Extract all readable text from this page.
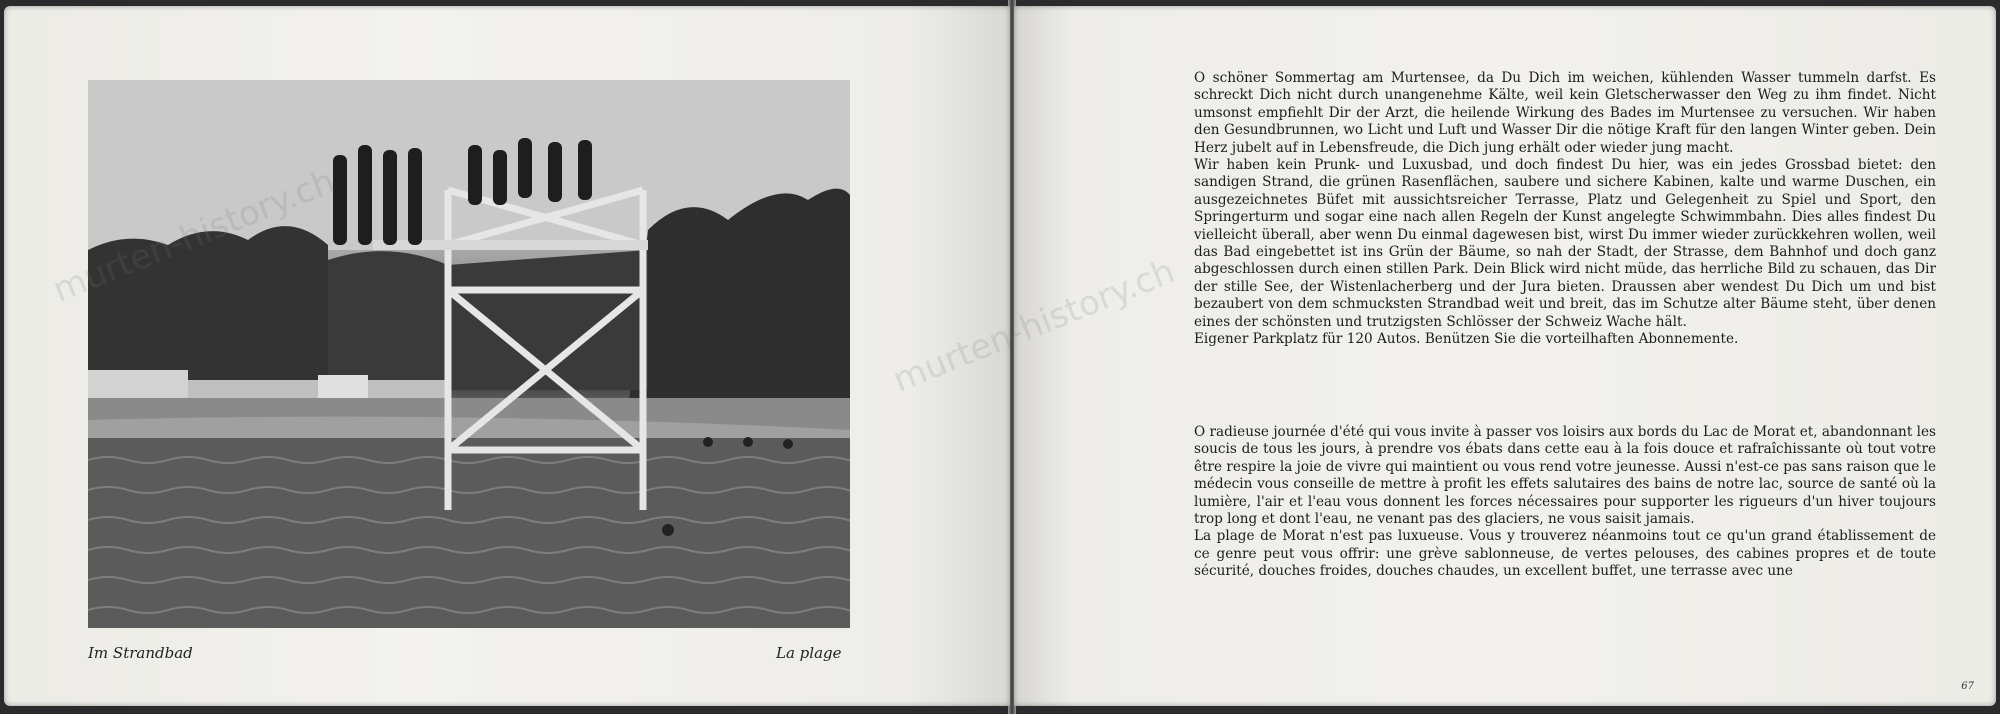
Im Strandbad	La plage
murten-history.ch
67

O schöner Sommertag am Murtensee, da Du Dich im weichen, kühlenden Wasser tummeln darfst. Es schreckt Dich nicht durch unangenehme Kälte, weil kein Gletscherwasser den Weg zu ihm findet. Nicht umsonst empfiehlt Dir der Arzt, die heilende Wirkung des Bades im Murtensee zu versuchen. Wir haben den Gesundbrunnen, wo Licht und Luft und Wasser Dir die nötige Kraft für den langen Winter geben. Dein Herz jubelt auf in Lebensfreude, die Dich jung erhält oder wieder jung macht.

Wir haben kein Prunk- und Luxusbad, und doch findest Du hier, was ein jedes Grossbad bietet: den sandigen Strand, die grünen Rasenflächen, saubere und sichere Kabinen, kalte und warme Duschen, ein ausgezeichnetes Büfet mit aussichtsreicher Terrasse, Platz und Gelegenheit zu Spiel und Sport, den Springerturm und sogar eine nach allen Regeln der Kunst angelegte Schwimmbahn. Dies alles findest Du vielleicht überall, aber wenn Du einmal dagewesen bist, wirst Du immer wieder zurückkehren wollen, weil das Bad eingebettet ist ins Grün der Bäume, so nah der Stadt, der Strasse, dem Bahnhof und doch ganz abgeschlossen durch einen stillen Park. Dein Blick wird nicht müde, das herrliche Bild zu schauen, das Dir der stille See, der Wistenlacherberg und der Jura bieten. Draussen aber wendest Du Dich um und bist bezaubert von dem schmucksten Strandbad weit und breit, das im Schutze alter Bäume steht, über denen eines der schönsten und trutzigsten Schlösser der Schweiz Wache hält.

Eigener Parkplatz für 120 Autos. Benützen Sie die vorteilhaften Abonnemente.

O radieuse journée d'été qui vous invite à passer vos loisirs aux bords du Lac de Morat et, abandonnant les soucis de tous les jours, à prendre vos ébats dans cette eau à la fois douce et rafraîchissante où tout votre être respire la joie de vivre qui maintient ou vous rend votre jeunesse. Aussi n'est-ce pas sans raison que le médecin vous conseille de mettre à profit les effets salutaires des bains de notre lac, source de santé où la lumière, l'air et l'eau vous donnent les forces nécessaires pour supporter les rigueurs d'un hiver toujours trop long et dont l'eau, ne venant pas des glaciers, ne vous saisit jamais.

La plage de Morat n'est pas luxueuse. Vous y trouverez néanmoins tout ce qu'un grand établissement de ce genre peut vous offrir: une grève sablonneuse, de vertes pelouses, des cabines propres et de toute sécurité, douches froides, douches chaudes, un excellent buffet, une terrasse avec une
